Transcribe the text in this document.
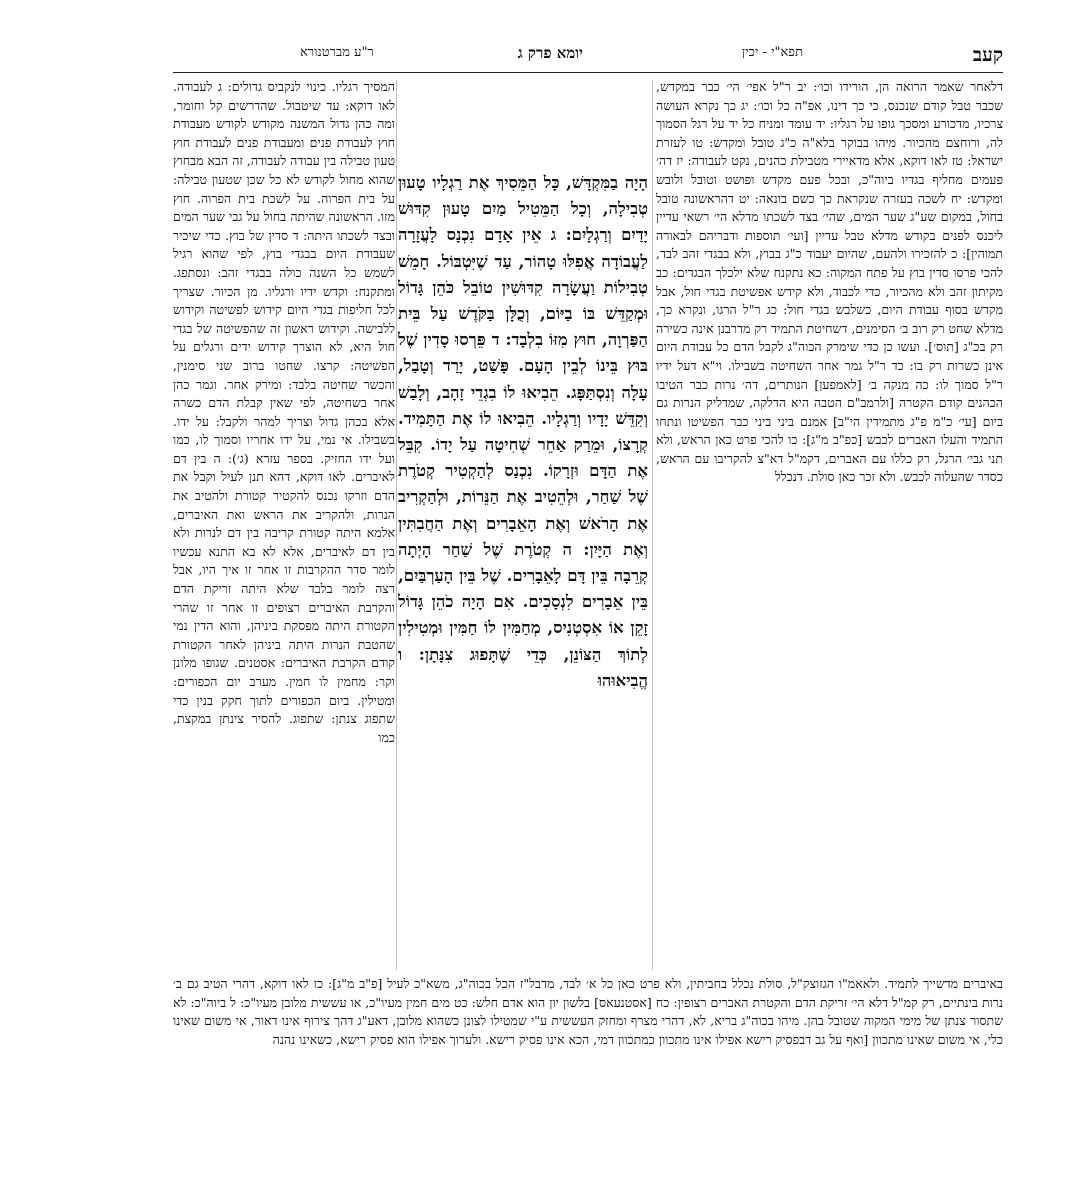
קעב
תפא"י - יכין
יומא פרק ג
ר"ע מברטנורא

דלאחר שאמר הרואה הן, הורידו וכו׳: יב ר"ל אפי׳ הי׳ כבר במקדש, שכבר טבל קודם שנכנס, כי כך דינו, אפ"ה כל וכו׳: יג כך נקרא העושה צרכיו, מדכורע ומסכך גופו על רגליו: יד עומד ומניח כל יד על רגל הסמוך לה, ורוחצם מהכיור. מיהו בבוקר בלא"ה כ"ג טובל ומקדש: טו לעזרת ישראל: טז לאו דוקא, אלא מדאיירי מטבילת כהנים, נקט לעבודה: יז דה׳ פעמים מחליף בגדיו ביוה"כ, ובכל פעם מקדש ופושט וטובל ולובש ומקדש: יח לשכה בעזרה שנקראת כך כשם בונאה: יט דהראשונה טובל בחול, במקום שע"ג שער המים, שהי׳ בצד לשכתו מדלא הי׳ רשאי עדיין ליכנס לפנים בקודש מדלא טבל עדיין [ועי׳ תוספות ודבריהם לבאורה תמוהין]: כ להזכירו ולהעם, שהיום יעבוד כ"ג בבוץ, ולא בבגדי זהב לבד, להכי פרסו סדין בוץ על פתח המקוה: כא נתקנח שלא ילכלך הבגדים: כב מקיתון זהב ולא מהכיור, כדי לכבוד, ולא קידש אפשיטת בגדי חול, אבל מקדש בסוף עבודת היום, כשלבש בגדי חול: כג ר"ל הרגו, ונקרא כך, מדלא שחט רק רוב ב׳ הסימנים, דשחיטת התמיד רק מדרבנן אינה כשירה רק בכ"ג [תוס׳]. ועשו כן כדי שימרק הכוה"ג לקבל הדם כל עבודת היום אינן כשרות רק בו: כד ר"ל גמר אחר השחיטה בשבילו. וי"א דעל ידיו ר"ל סמוך לו: כה מנקה ב׳ [לאמפען] הנותרים, דה׳ נרות כבר הטיבו הכהנים קודם הקטרה [ולרמב"ם הטבה היא הדלקה, שמדליק הנרות גם ביום [עי׳ כ"מ פ"ג מתמידין הי"ב] אמנם ביני ביני כבר הפשיטו ונתחו התמיד והעלו האברים לכבש [כפ"ב מ"ג]: כו להכי פרט כאן הראש, ולא תני גבי׳ הרגל, רק כללו עם האברים, דקמ"ל דא"צ להקריבו עם הראש, כסדר שהעלוה לכבש. ולא זכר כאן סולת. דנכלל

הָיָה בַמִּקְדָּשׁ, כָּל הַמֵּסִיךְ אֶת רַגְלָיו טָעוּן טְבִילָה, וְכָל הַמֵּטִיל מַיִם טָעוּן קִדּוּשׁ יָדַיִם וְרַגְלָיִם: ג אֵין אָדָם נִכְנָס לָעֲזָרָה לַעֲבוֹדָה אֲפִלּוּ טָהוֹר, עַד שֶׁיִּטְבּוֹל. חָמֵשׁ טְבִילוֹת וַעֲשָׂרָה קִדּוּשִׁין טוֹבֵל כֹּהֵן גָּדוֹל וּמְקַדֵּשׁ בּוֹ בַיּוֹם, וְכֻלָּן בַּקֹּדֶשׁ עַל בֵּית הַפַּרְוָה, חוּץ מִזּוֹ בִלְבָד: ד פֵּרְסוּ סָדִין שֶׁל בּוּץ בֵּינוֹ לְבֵין הָעָם. פָּשַׁט, יָרַד וְטָבַל, עָלָה וְנִסְתַּפָּג. הֵבִיאוּ לוֹ בִגְדֵי זָהָב, וְלָבַשׁ וְקִדֵּשׁ יָדָיו וְרַגְלָיו. הֵבִיאוּ לוֹ אֶת הַתָּמִיד. קְרָצוֹ, וּמֵרַק אַחֵר שְׁחִיטָה עַל יָדוֹ. קִבֵּל אֶת הַדָּם וּזְרָקוֹ. נִכְנַס לְהַקְטִיר קְטֹרֶת שֶׁל שַׁחַר, וּלְהֵטִיב אֶת הַנֵּרוֹת, וּלְהַקְרִיב אֶת הָרֹאשׁ וְאֶת הָאֵבָרִים וְאֶת הַחֲבִתִּין וְאֶת הַיָּיִן: ה קְטֹרֶת שֶׁל שַׁחַר הָיְתָה קְרֵבָה בֵּין דָּם לָאֵבָרִים. שֶׁל בֵּין הָעַרְבַּיִם, בֵּין אֵבָרִים לִנְסָכִים. אִם הָיָה כֹהֵן גָּדוֹל זָקֵן אוֹ אִסְטְנִיס, מְחַמִּין לוֹ חַמִּין וּמְטִילִין לְתוֹךְ הַצּוֹנֵן, כְּדֵי שֶׁתָּפוּג צִנָּתָן: ו הֱבִיאוּהוּ

המסיך רגליו. כינוי לנקביס גדולים: ג לעבודה. לאו דוקא: עד שיטבול. שהדרשים קל וחומר, ומה כהן גדול המשנה מקודש לקודש מעבודת חוץ לעבודת פנים ומעבודת פנים לעבודת חוץ טעון טבילה בין עבודה לעבודה, זה הבא מבחוץ שהוא מחול לקודש לא כל שכן שטעון טבילה: על בית הפרוה. על לשכת בית הפרוה. חוץ מזו. הראשונה שהיתה בחול על גבי שער המים ובצד לשכתו היתה: ד סדין של בוץ. כדי שיכיר שעבודת היום בבגדי בוץ, לפי שהוא רגיל לשמש כל השנה כולה בבגדי זהב: ונסתפג. ומתקנח: וקדש ידיו ורגליו. מן הכיור. שצריך לכל חליפות בגדי היום קידוש לפשיטה וקידוש ללבישה. וקידוש ראשון זה שהפשיטה של בגדי חול היא, לא הוצרך קידוש ידים ורגלים על הפשיטה: קרצו. שחטו ברוב שני סימנין, והכשר שחיטה בלבד: ומירק אחר. וגמר כהן אחר בשחיטה, לפי שאין קבלת הדם כשרה אלא בכהן גדול וצריך למהר ולקבל: על ידו. בשבילו. אי נמי, על ידו אחריו וסמוך לו, כמו ועל ידו החזיק. בספר עזרא (ג׳): ה בין דם לאיברים. לאו דוקא, דהא תנן לעיל וקבל את הדם וזרקו נכנס להקטיר קטורת ולהטיב את הנרות, ולהקריב את הראש ואת האיברים, אלמא היתה קטורת קריבה בין דם לנרות ולא בין דם לאיברים, אלא לא בא התנא עכשיו לומר סדר ההקרבות זו אחר זו איך היו, אבל רצה לומר בלבד שלא היתה זריקת הדם והקרבת האיברים רצופים זו אחר זו שהרי הקטורת היתה מפסקת ביניהן, והוא הדין נמי שהטבת הנרות היתה ביניהן לאחר הקטורת קודם הקרבת האיברים: אסטנים. שגופו מלונן וקר: מחמין לו חמין. מערב יום הכפורים: ומטילין. ביום הכפורים לתוך חקק בנין כדי שתפוג צנתן: שתפוג. להסיר צינתן במקצת, כמו

באיברים מדשייך לתמיד. ולאאמ"ו הגזוצק"ל, סולת נכלל בחביתין, ולא פרט כאן כל א׳ לבד, מדבל"ז הכל בכוה"ג, משא"כ לעיל [פ"ב מ"ג]: כז לאו דוקא, דהרי הטיב גם ב׳ נרות בינתיים, רק קמ"ל דלא הי׳ זריקת הדם והקטרת האברים רצופין: כח [אסטנעאס] בלשון יון הוא אדם חלש: כט מים חמין מעיו"כ, או עששית מלובן מעיו"כ: ל ביוה"כ: לא שתסור צנתן של מימי המקוה שטובל בהן. מיהו בכוה"ג בריא, לא, דהרי מצרף ומחזק העששית ע"י שמטילו לצונן כשהוא מלובן, דאע"ג דהך צירוף אינו דאור, אי משום שאינו כלי, אי משום שאינו מתכוון [ואף על גב דבפסיק רישא אפילו אינו מתכוון כמתכוון דמי, הכא אינו פסיק רישא. ולערוך אפילו הוא פסיק רישא, כשאינו נהנה
